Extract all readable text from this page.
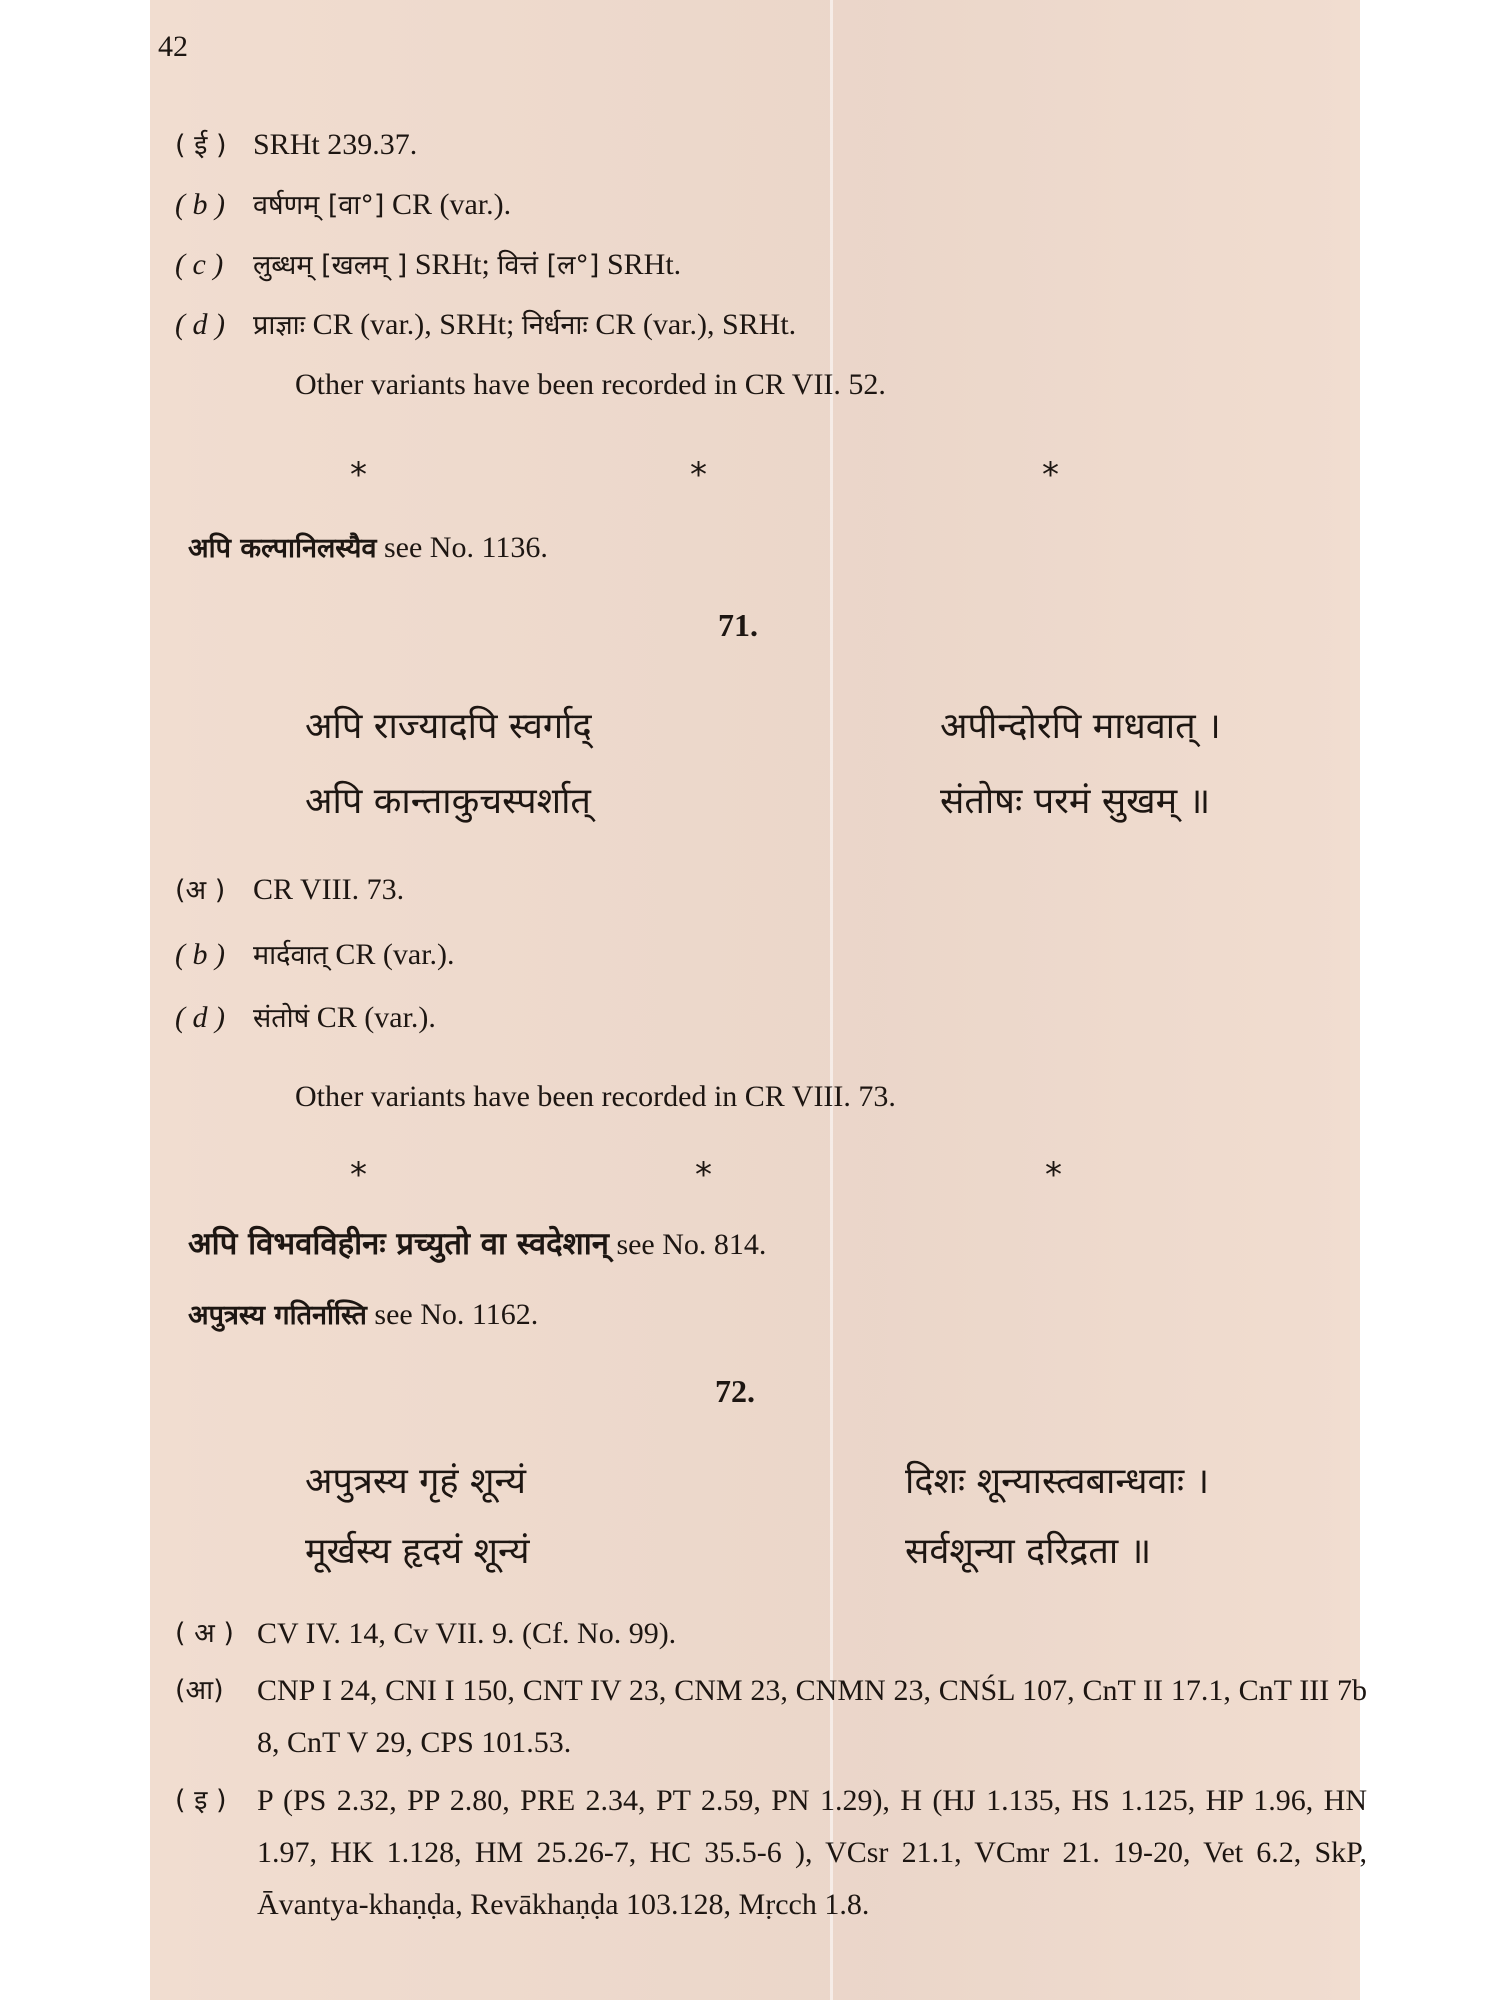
42
( ई ) SRHt 239.37.
( b ) वर्षणम् [वा°] CR (var.).
( c ) लुब्धम् [खलम् ] SRHt; वित्तं [ल°] SRHt.
( d ) प्राज्ञाः CR (var.), SRHt; निर्धनाः CR (var.), SRHt.
Other variants have been recorded in CR VII. 52.
*	*	*
अपि कल्पानिलस्यैव see No. 1136.
71.
अपि राज्यादपि स्वर्गाद्	अपीन्दोरपि माधवात् ।
अपि कान्ताकुचस्पर्शात्	संतोषः परमं सुखम् ॥
(अ ) CR VIII. 73.
( b ) मार्दवात् CR (var.).
( d ) संतोषं CR (var.).
Other variants have been recorded in CR VIII. 73.
*	*	*
अपि विभवविहीनः प्रच्युतो वा स्वदेशान् see No. 814.
अपुत्रस्य गतिर्नास्ति see No. 1162.
72.
अपुत्रस्य गृहं शून्यं	दिशः शून्यास्त्वबान्धवाः ।
मूर्खस्य हृदयं शून्यं	सर्वशून्या दरिद्रता ॥
( अ ) CV IV. 14, Cv VII. 9. (Cf. No. 99).
(आ) CNP I 24, CNI I 150, CNT IV 23, CNM 23, CNMN 23, CNŚL 107, CnT II 17.1, CnT III 7b 8, CnT V 29, CPS 101.53.
( इ ) P (PS 2.32, PP 2.80, PRE 2.34, PT 2.59, PN 1.29), H (HJ 1.135, HS 1.125, HP 1.96, HN 1.97, HK 1.128, HM 25.26-7, HC 35.5-6 ), VCsr 21.1, VCmr 21. 19-20, Vet 6.2, SkP, Āvantya-khaṇḍa, Revākhaṇḍa 103.128, Mṛcch 1.8.
